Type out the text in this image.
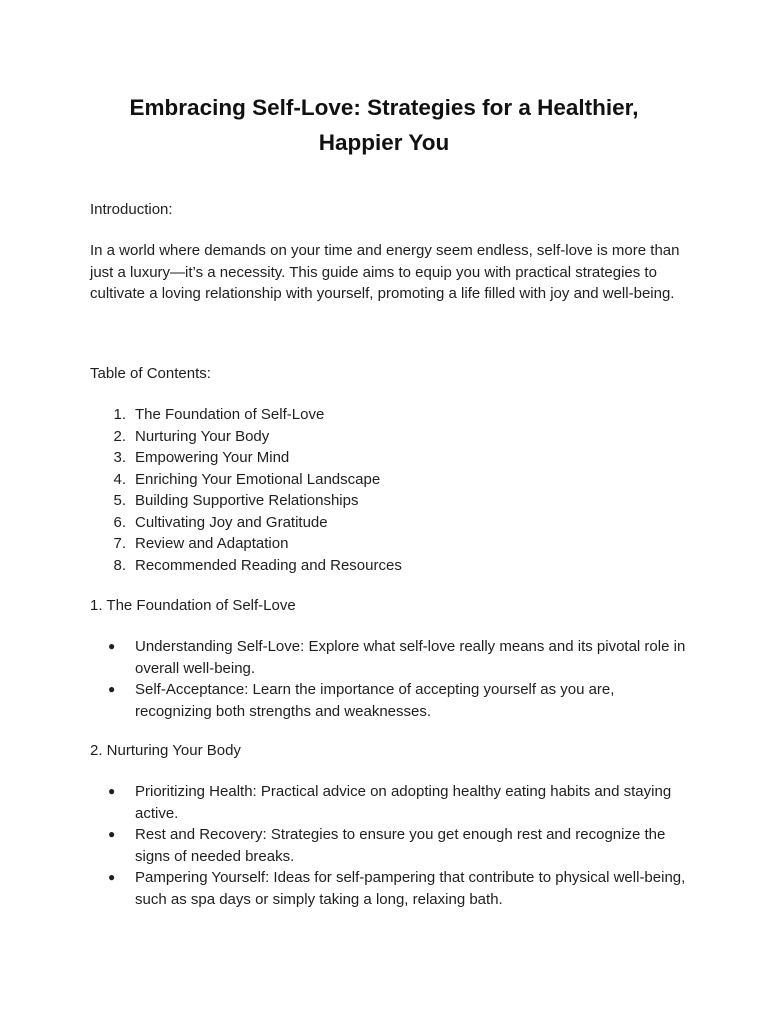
Embracing Self-Love: Strategies for a Healthier, Happier You

Introduction:

In a world where demands on your time and energy seem endless, self-love is more than just a luxury—it’s a necessity. This guide aims to equip you with practical strategies to cultivate a loving relationship with yourself, promoting a life filled with joy and well-being.

Table of Contents:

1. The Foundation of Self-Love
2. Nurturing Your Body
3. Empowering Your Mind
4. Enriching Your Emotional Landscape
5. Building Supportive Relationships
6. Cultivating Joy and Gratitude
7. Review and Adaptation
8. Recommended Reading and Resources

1. The Foundation of Self-Love

●	Understanding Self-Love: Explore what self-love really means and its pivotal role in overall well-being.
●	Self-Acceptance: Learn the importance of accepting yourself as you are, recognizing both strengths and weaknesses.

2. Nurturing Your Body

●	Prioritizing Health: Practical advice on adopting healthy eating habits and staying active.
●	Rest and Recovery: Strategies to ensure you get enough rest and recognize the signs of needed breaks.
●	Pampering Yourself: Ideas for self-pampering that contribute to physical well-being, such as spa days or simply taking a long, relaxing bath.
